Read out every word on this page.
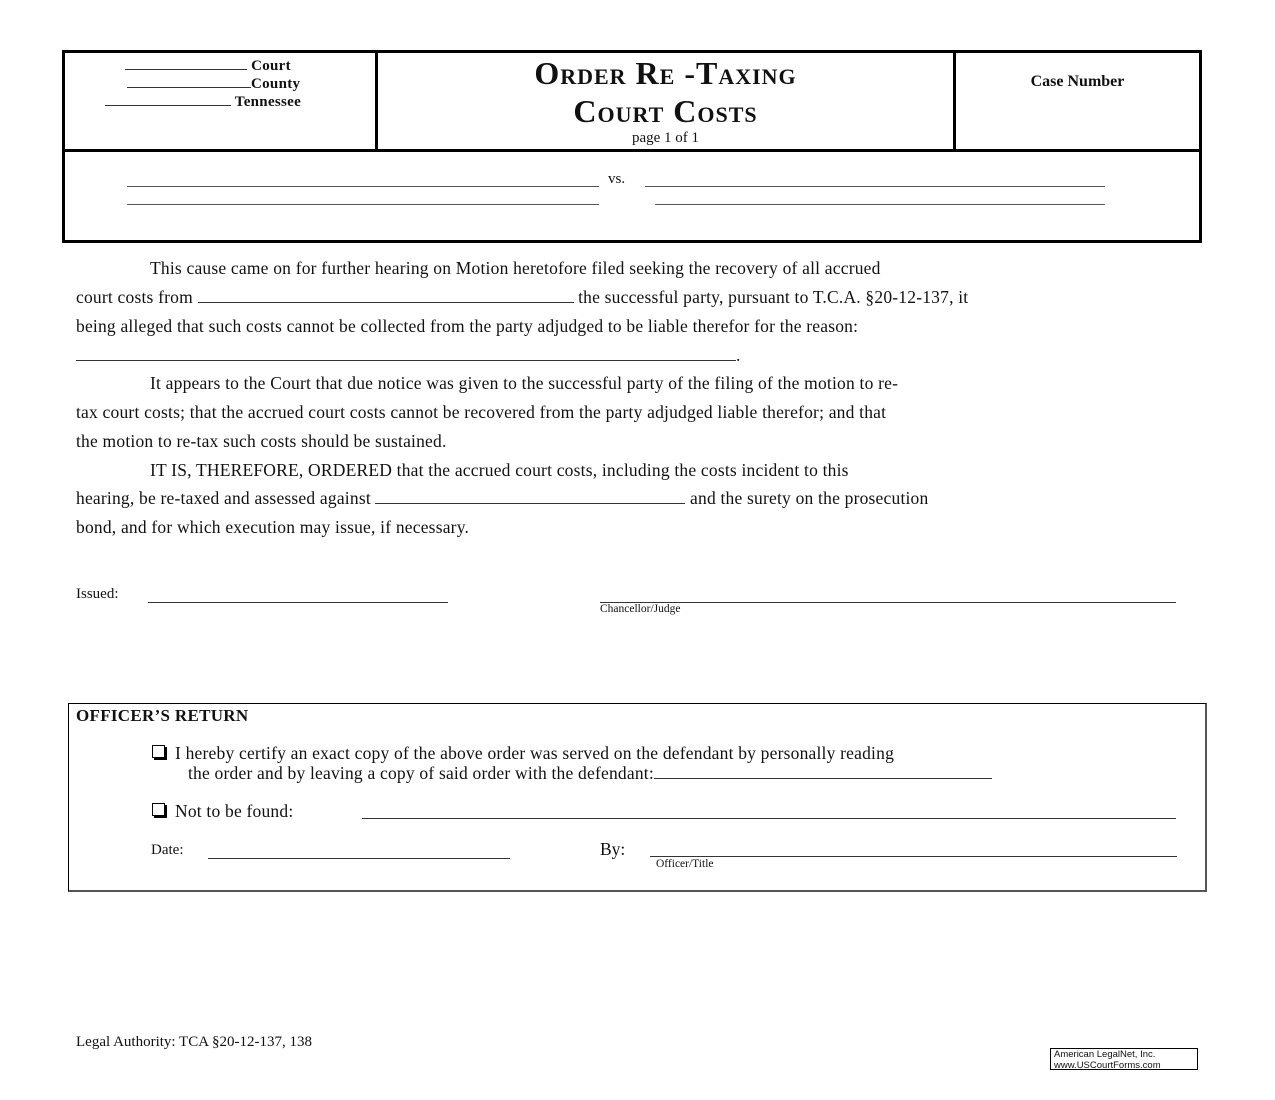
Court
County
Tennessee
Order Re -Taxing
Court Costs
page 1 of 1
Case Number
vs.
This cause came on for further hearing on Motion heretofore filed seeking the recovery of all accrued
court costs from	the successful party, pursuant to T.C.A. §20-12-137, it
being alleged that such costs cannot be collected from the party adjudged to be liable therefor for the reason:
.
It appears to the Court that due notice was given to the successful party of the filing of the motion to re-
tax court costs; that the accrued court costs cannot be recovered from the party adjudged liable therefor; and that
the motion to re-tax such costs should be sustained.
IT IS, THEREFORE, ORDERED that the accrued court costs, including the costs incident to this
hearing, be re-taxed and assessed against	and the surety on the prosecution
bond, and for which execution may issue, if necessary.
Issued:
Chancellor/Judge
OFFICER’S RETURN
I hereby certify an exact copy of the above order was served on the defendant by personally reading
the order and by leaving a copy of said order with the defendant:
Not to be found:
Date:	By:
Officer/Title
Legal Authority: TCA §20-12-137, 138
American LegalNet, Inc.
www.USCourtForms.com
